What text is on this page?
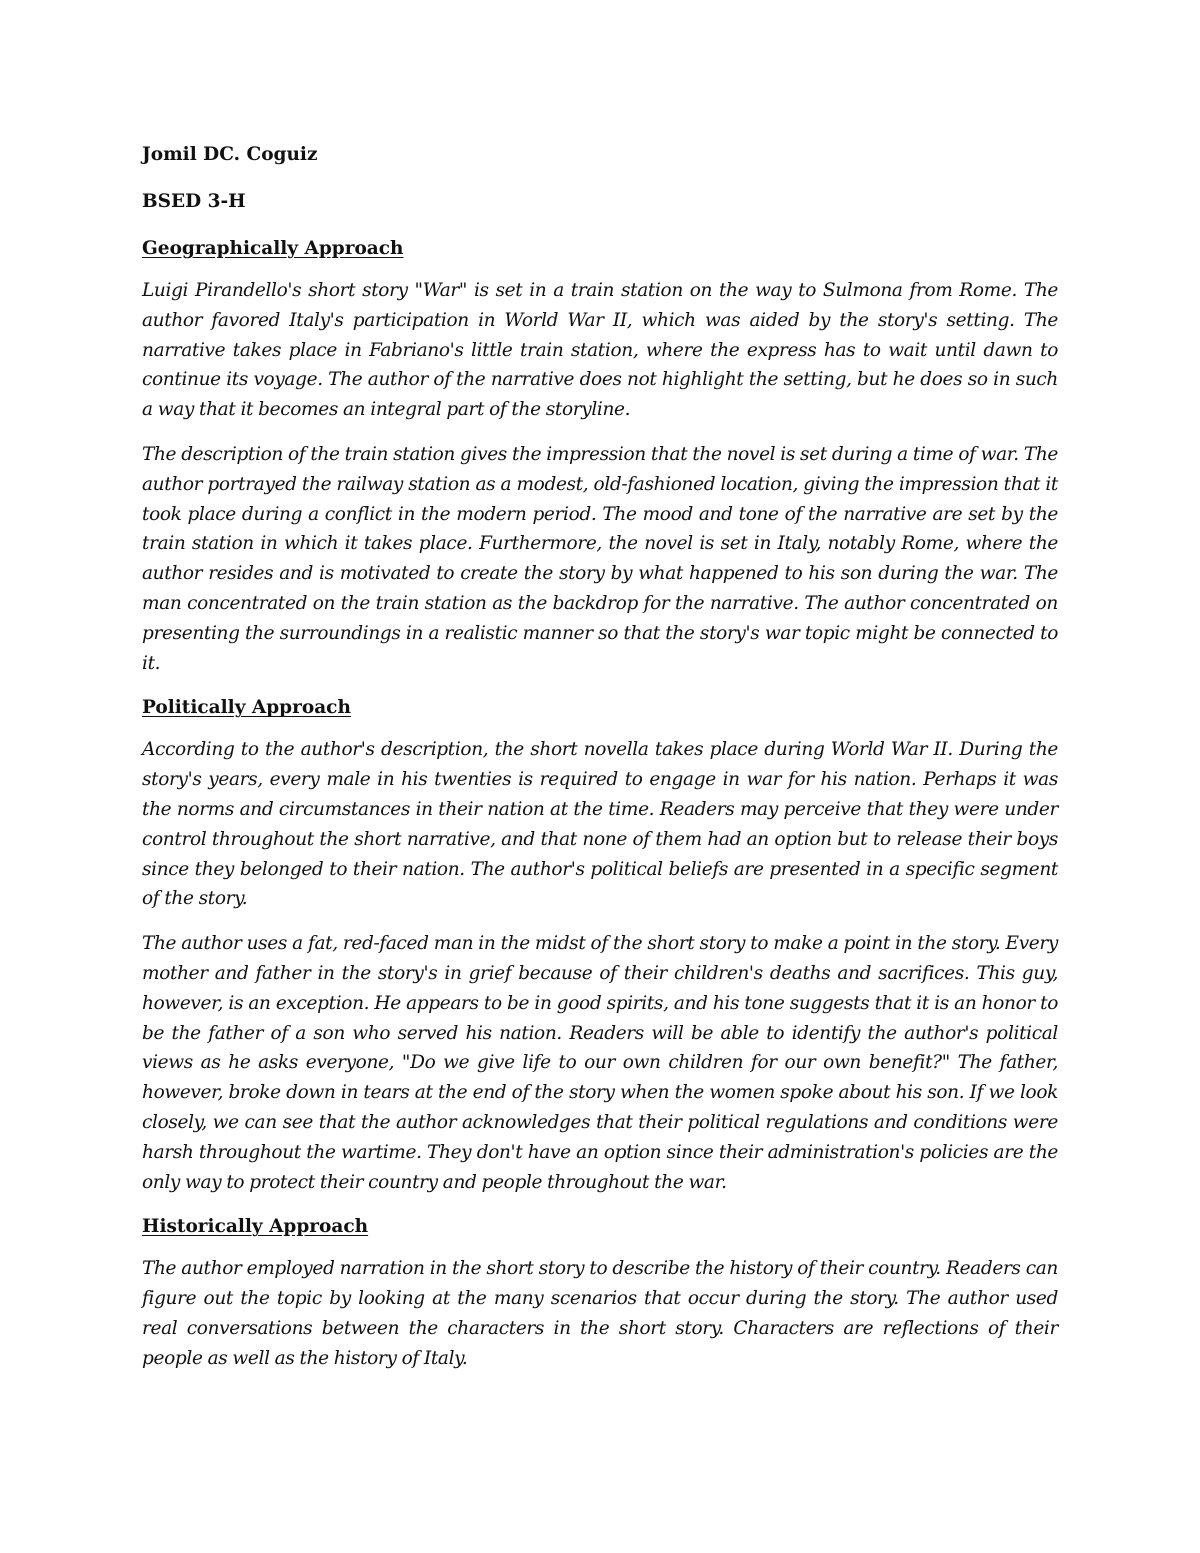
Jomil DC. Coguiz

BSED 3-H

Geographically Approach

Luigi Pirandello's short story "War" is set in a train station on the way to Sulmona from Rome. The author favored Italy's participation in World War II, which was aided by the story's setting. The narrative takes place in Fabriano's little train station, where the express has to wait until dawn to continue its voyage. The author of the narrative does not highlight the setting, but he does so in such a way that it becomes an integral part of the storyline.

The description of the train station gives the impression that the novel is set during a time of war. The author portrayed the railway station as a modest, old-fashioned location, giving the impression that it took place during a conflict in the modern period. The mood and tone of the narrative are set by the train station in which it takes place. Furthermore, the novel is set in Italy, notably Rome, where the author resides and is motivated to create the story by what happened to his son during the war. The man concentrated on the train station as the backdrop for the narrative. The author concentrated on presenting the surroundings in a realistic manner so that the story's war topic might be connected to it.

Politically Approach

According to the author's description, the short novella takes place during World War II. During the story's years, every male in his twenties is required to engage in war for his nation. Perhaps it was the norms and circumstances in their nation at the time. Readers may perceive that they were under control throughout the short narrative, and that none of them had an option but to release their boys since they belonged to their nation. The author's political beliefs are presented in a specific segment of the story.

The author uses a fat, red-faced man in the midst of the short story to make a point in the story. Every mother and father in the story's in grief because of their children's deaths and sacrifices. This guy, however, is an exception. He appears to be in good spirits, and his tone suggests that it is an honor to be the father of a son who served his nation. Readers will be able to identify the author's political views as he asks everyone, "Do we give life to our own children for our own benefit?" The father, however, broke down in tears at the end of the story when the women spoke about his son. If we look closely, we can see that the author acknowledges that their political regulations and conditions were harsh throughout the wartime. They don't have an option since their administration's policies are the only way to protect their country and people throughout the war.

Historically Approach

The author employed narration in the short story to describe the history of their country. Readers can figure out the topic by looking at the many scenarios that occur during the story. The author used real conversations between the characters in the short story. Characters are reflections of their people as well as the history of Italy.
